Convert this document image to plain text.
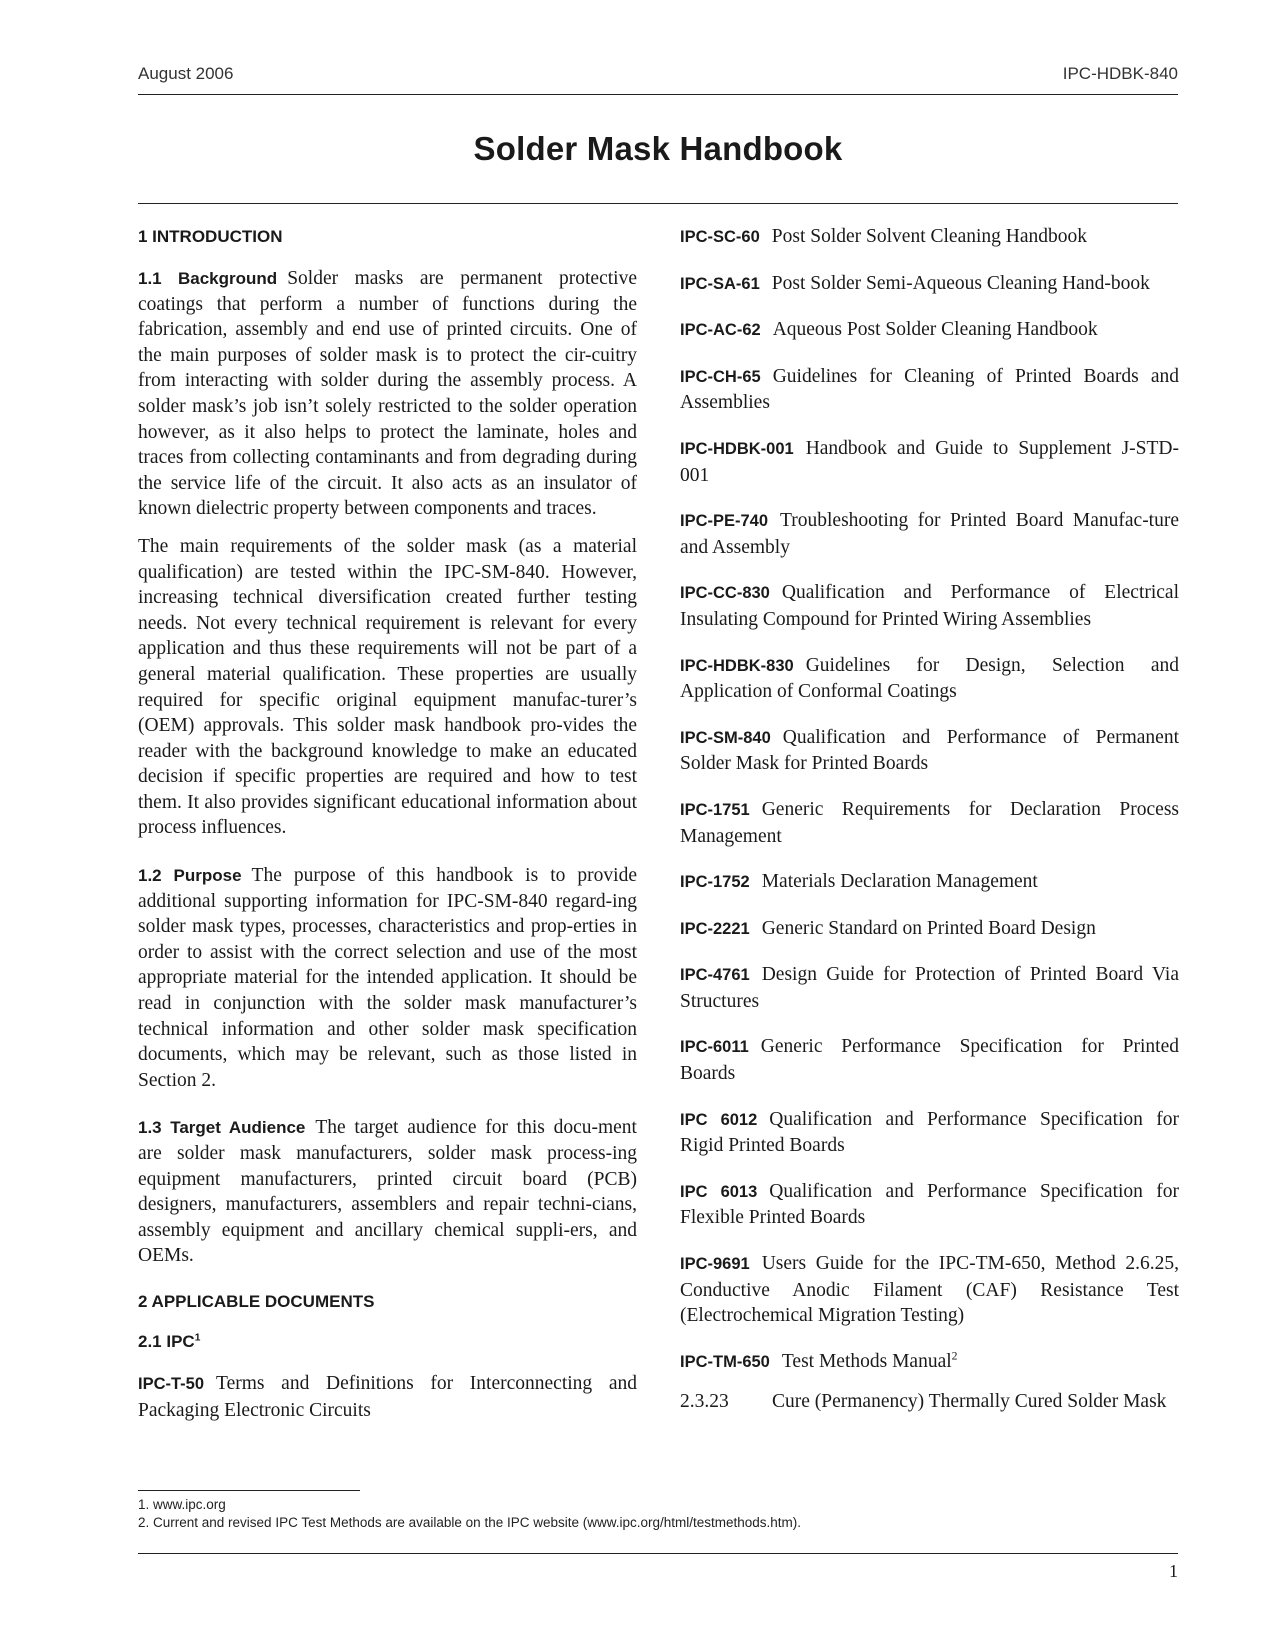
August 2006	IPC-HDBK-840
Solder Mask Handbook
1 INTRODUCTION

1.1 Background Solder masks are permanent protective coatings that perform a number of functions during the fabrication, assembly and end use of printed circuits. One of the main purposes of solder mask is to protect the cir-cuitry from interacting with solder during the assembly process. A solder mask’s job isn’t solely restricted to the solder operation however, as it also helps to protect the laminate, holes and traces from collecting contaminants and from degrading during the service life of the circuit. It also acts as an insulator of known dielectric property between components and traces.

The main requirements of the solder mask (as a material qualification) are tested within the IPC-SM-840. However, increasing technical diversification created further testing needs. Not every technical requirement is relevant for every application and thus these requirements will not be part of a general material qualification. These properties are usually required for specific original equipment manufac-turer’s (OEM) approvals. This solder mask handbook pro-vides the reader with the background knowledge to make an educated decision if specific properties are required and how to test them. It also provides significant educational information about process influences.

1.2 Purpose The purpose of this handbook is to provide additional supporting information for IPC-SM-840 regard-ing solder mask types, processes, characteristics and prop-erties in order to assist with the correct selection and use of the most appropriate material for the intended application. It should be read in conjunction with the solder mask manufacturer’s technical information and other solder mask specification documents, which may be relevant, such as those listed in Section 2.

1.3 Target Audience The target audience for this docu-ment are solder mask manufacturers, solder mask process-ing equipment manufacturers, printed circuit board (PCB) designers, manufacturers, assemblers and repair techni-cians, assembly equipment and ancillary chemical suppli-ers, and OEMs.

2 APPLICABLE DOCUMENTS
2.1 IPC$^1$

IPC-T-50 Terms and Definitions for Interconnecting and Packaging Electronic Circuits

IPC-SC-60 Post Solder Solvent Cleaning Handbook

IPC-SA-61 Post Solder Semi-Aqueous Cleaning Hand-book

IPC-AC-62 Aqueous Post Solder Cleaning Handbook

IPC-CH-65 Guidelines for Cleaning of Printed Boards and Assemblies

IPC-HDBK-001 Handbook and Guide to Supplement J-STD-001

IPC-PE-740 Troubleshooting for Printed Board Manufac-ture and Assembly

IPC-CC-830 Qualification and Performance of Electrical Insulating Compound for Printed Wiring Assemblies

IPC-HDBK-830 Guidelines for Design, Selection and Application of Conformal Coatings

IPC-SM-840 Qualification and Performance of Permanent Solder Mask for Printed Boards

IPC-1751 Generic Requirements for Declaration Process Management

IPC-1752 Materials Declaration Management

IPC-2221 Generic Standard on Printed Board Design

IPC-4761 Design Guide for Protection of Printed Board Via Structures

IPC-6011 Generic Performance Specification for Printed Boards

IPC 6012 Qualification and Performance Specification for Rigid Printed Boards

IPC 6013 Qualification and Performance Specification for Flexible Printed Boards

IPC-9691 Users Guide for the IPC-TM-650, Method 2.6.25, Conductive Anodic Filament (CAF) Resistance Test (Electrochemical Migration Testing)

IPC-TM-650 Test Methods Manual$^2$

2.3.23 Cure (Permanency) Thermally Cured Solder Mask
1. www.ipc.org
2. Current and revised IPC Test Methods are available on the IPC website (www.ipc.org/html/testmethods.htm).
1
